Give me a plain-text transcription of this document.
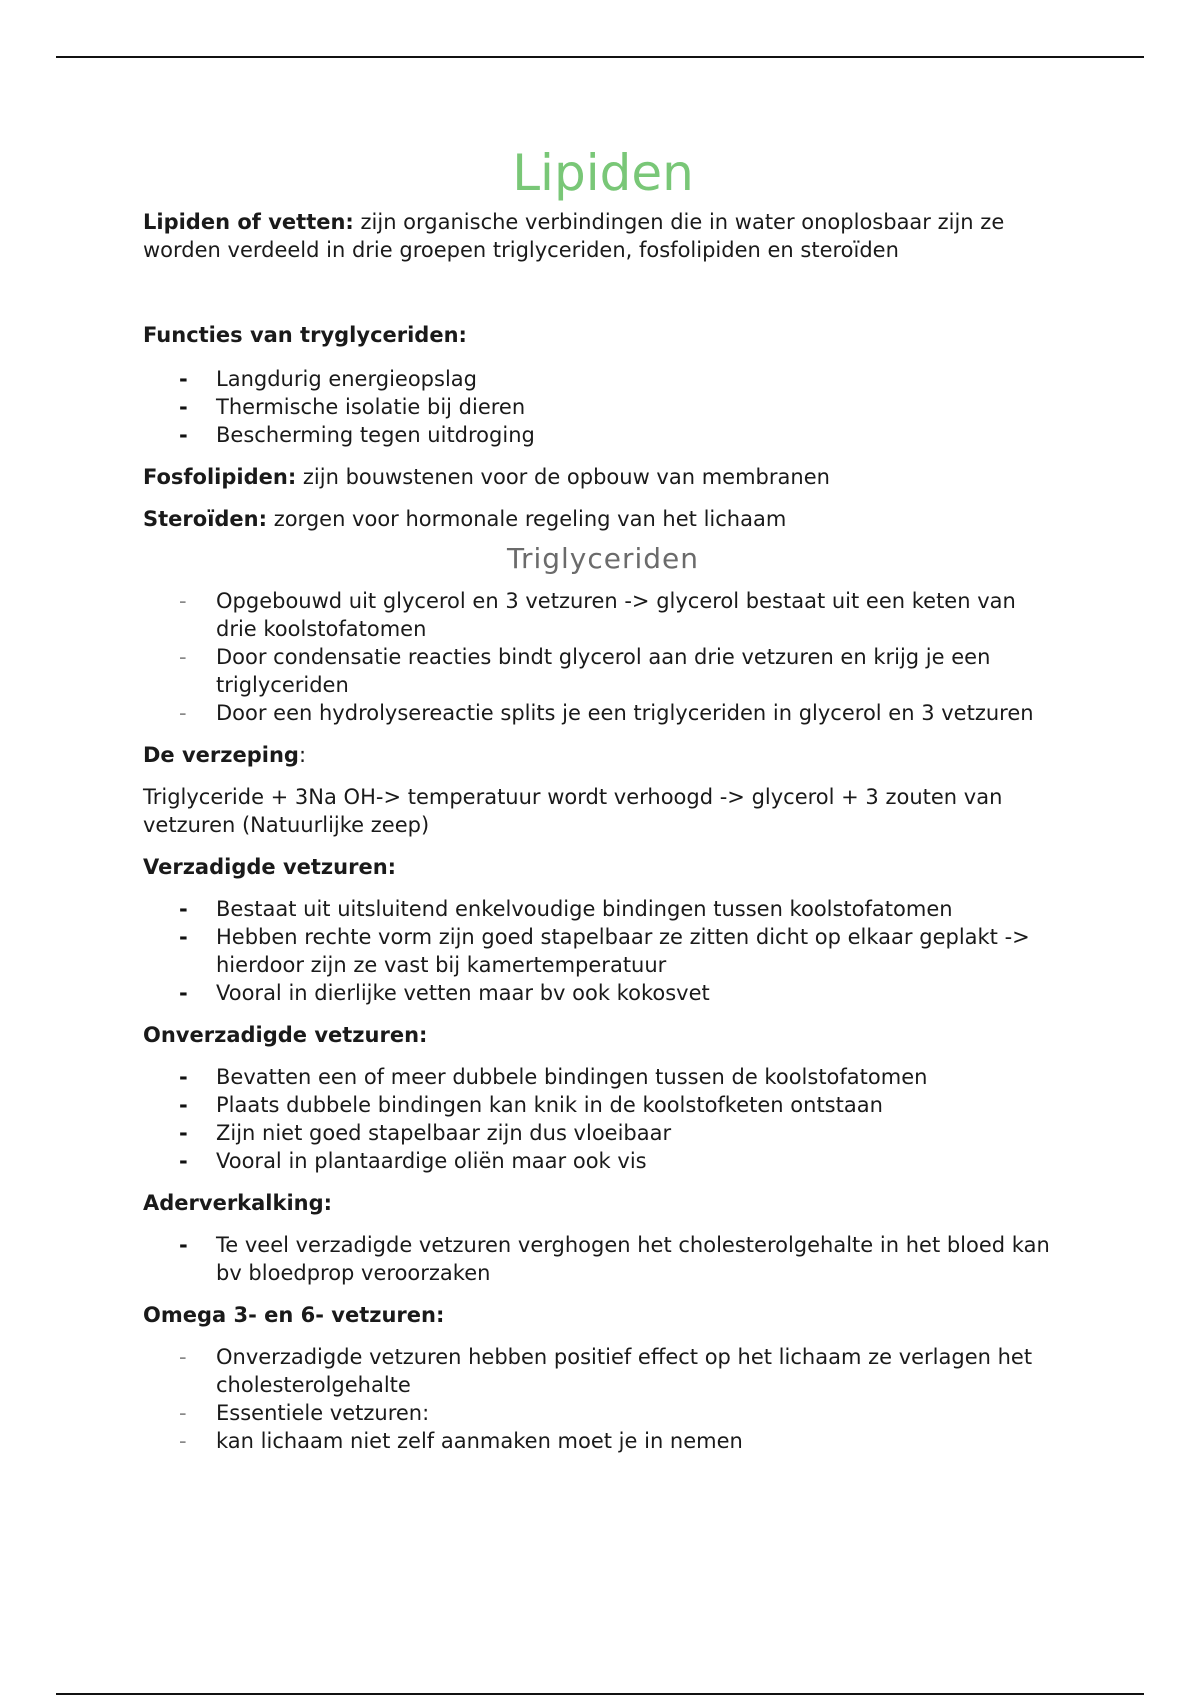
Lipiden

Lipiden of vetten: zijn organische verbindingen die in water onoplosbaar zijn ze worden verdeeld in drie groepen triglyceriden, fosfolipiden en steroïden

Functies van tryglyceriden:

- Langdurig energieopslag
- Thermische isolatie bij dieren
- Bescherming tegen uitdroging

Fosfolipiden: zijn bouwstenen voor de opbouw van membranen

Steroïden: zorgen voor hormonale regeling van het lichaam

Triglyceriden
- Opgebouwd uit glycerol en 3 vetzuren -> glycerol bestaat uit een keten van drie koolstofatomen
- Door condensatie reacties bindt glycerol aan drie vetzuren en krijg je een triglyceriden
- Door een hydrolysereactie splits je een triglyceriden in glycerol en 3 vetzuren

De verzeping:

Triglyceride + 3Na OH-> temperatuur wordt verhoogd -> glycerol + 3 zouten van vetzuren (Natuurlijke zeep)

Verzadigde vetzuren:

- Bestaat uit uitsluitend enkelvoudige bindingen tussen koolstofatomen
- Hebben rechte vorm zijn goed stapelbaar ze zitten dicht op elkaar geplakt -> hierdoor zijn ze vast bij kamertemperatuur
- Vooral in dierlijke vetten maar bv ook kokosvet

Onverzadigde vetzuren:

- Bevatten een of meer dubbele bindingen tussen de koolstofatomen
- Plaats dubbele bindingen kan knik in de koolstofketen ontstaan
- Zijn niet goed stapelbaar zijn dus vloeibaar
- Vooral in plantaardige oliën maar ook vis

Aderverkalking:

- Te veel verzadigde vetzuren verghogen het cholesterolgehalte in het bloed kan bv bloedprop veroorzaken

Omega 3- en 6- vetzuren:

- Onverzadigde vetzuren hebben positief effect op het lichaam ze verlagen het cholesterolgehalte
- Essentiele vetzuren:
- kan lichaam niet zelf aanmaken moet je in nemen
